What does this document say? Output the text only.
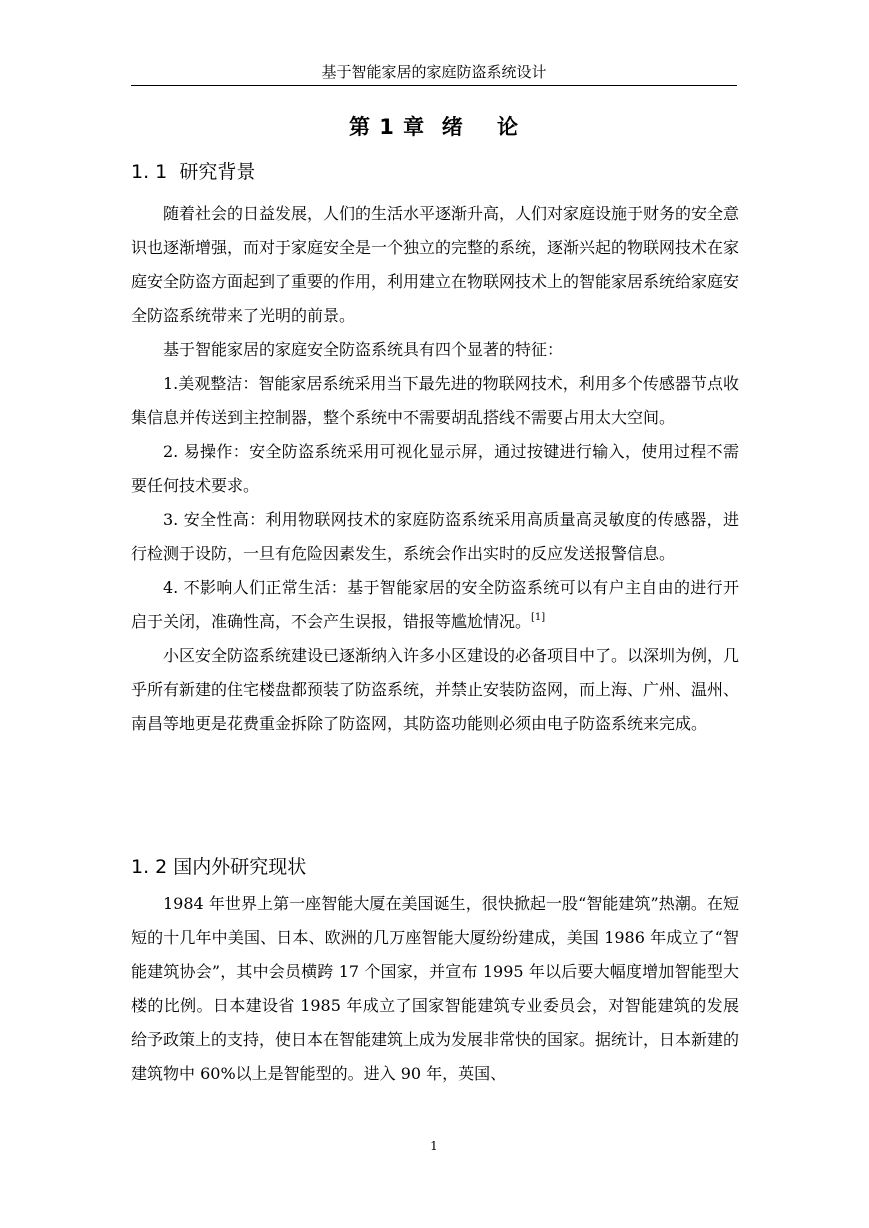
基于智能家居的家庭防盗系统设计
第 1 章  绪    论
1. 1  研究背景

随着社会的日益发展，人们的生活水平逐渐升高，人们对家庭设施于财务的安全意识也逐渐增强，而对于家庭安全是一个独立的完整的系统，逐渐兴起的物联网技术在家庭安全防盗方面起到了重要的作用，利用建立在物联网技术上的智能家居系统给家庭安全防盗系统带来了光明的前景。

基于智能家居的家庭安全防盗系统具有四个显著的特征：

1.美观整洁：智能家居系统采用当下最先进的物联网技术，利用多个传感器节点收集信息并传送到主控制器，整个系统中不需要胡乱搭线不需要占用太大空间。

2. 易操作：安全防盗系统采用可视化显示屏，通过按键进行输入，使用过程不需要任何技术要求。

3. 安全性高：利用物联网技术的家庭防盗系统采用高质量高灵敏度的传感器，进行检测于设防，一旦有危险因素发生，系统会作出实时的反应发送报警信息。

4. 不影响人们正常生活：基于智能家居的安全防盗系统可以有户主自由的进行开启于关闭，准确性高，不会产生误报，错报等尴尬情况。[1]

小区安全防盗系统建设已逐渐纳入许多小区建设的必备项目中了。以深圳为例，几乎所有新建的住宅楼盘都预装了防盗系统，并禁止安装防盗网，而上海、广州、温州、南昌等地更是花费重金拆除了防盗网，其防盗功能则必须由电子防盗系统来完成。

1. 2 国内外研究现状

1984 年世界上第一座智能大厦在美国诞生，很快掀起一股“智能建筑”热潮。在短短的十几年中美国、日本、欧洲的几万座智能大厦纷纷建成，美国 1986 年成立了“智能建筑协会”，其中会员横跨 17 个国家，并宣布 1995 年以后要大幅度增加智能型大楼的比例。日本建设省 1985 年成立了国家智能建筑专业委员会，对智能建筑的发展给予政策上的支持，使日本在智能建筑上成为发展非常快的国家。据统计，日本新建的建筑物中 60%以上是智能型的。进入 90 年，英国、

1
